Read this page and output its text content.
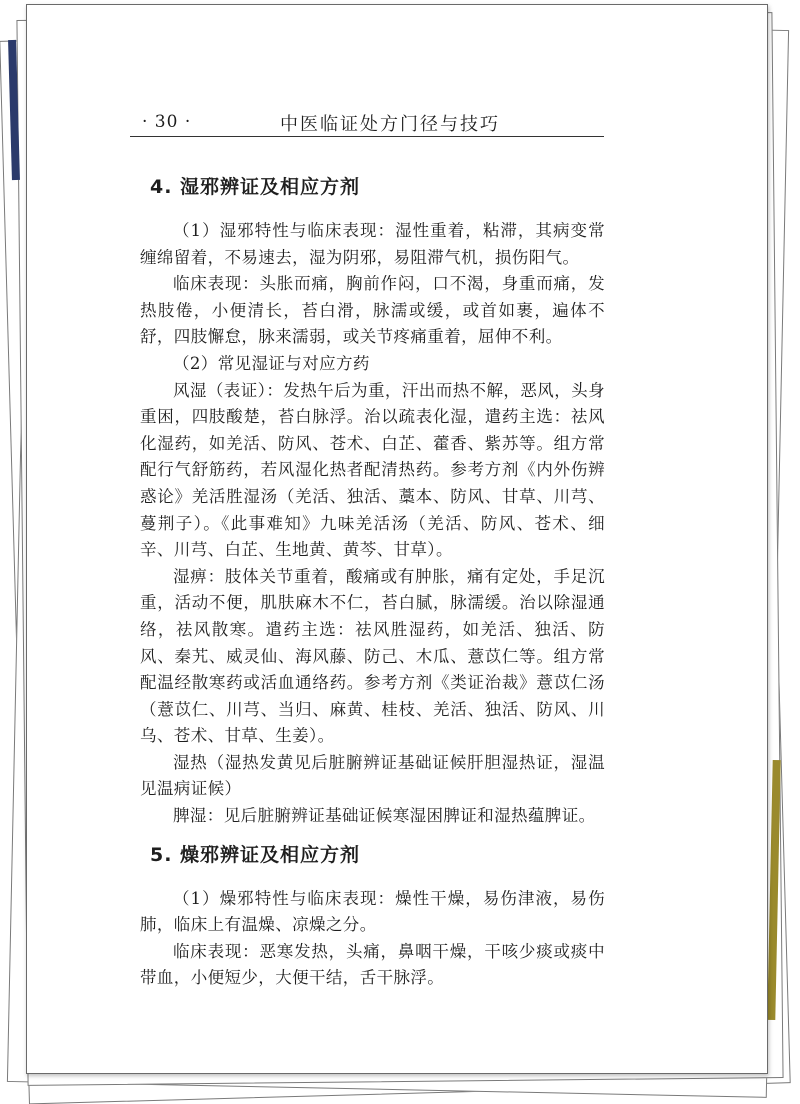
· 30 ·	中医临证处方门径与技巧
4. 湿邪辨证及相应方剂

（1）湿邪特性与临床表现：湿性重着，粘滞，其病变常缠绵留着，不易速去，湿为阴邪，易阻滞气机，损伤阳气。

临床表现：头胀而痛，胸前作闷，口不渴，身重而痛，发热肢倦，小便清长，苔白滑，脉濡或缓，或首如裹，遍体不舒，四肢懈怠，脉来濡弱，或关节疼痛重着，屈伸不利。

（2）常见湿证与对应方药

风湿（表证）：发热午后为重，汗出而热不解，恶风，头身重困，四肢酸楚，苔白脉浮。治以疏表化湿，遣药主选：祛风化湿药，如羌活、防风、苍术、白芷、藿香、紫苏等。组方常配行气舒筋药，若风湿化热者配清热药。参考方剂《内外伤辨惑论》羌活胜湿汤（羌活、独活、藁本、防风、甘草、川芎、蔓荆子）。《此事难知》九味羌活汤（羌活、防风、苍术、细辛、川芎、白芷、生地黄、黄芩、甘草）。

湿痹：肢体关节重着，酸痛或有肿胀，痛有定处，手足沉重，活动不便，肌肤麻木不仁，苔白腻，脉濡缓。治以除湿通络，祛风散寒。遣药主选：祛风胜湿药，如羌活、独活、防风、秦艽、威灵仙、海风藤、防己、木瓜、薏苡仁等。组方常配温经散寒药或活血通络药。参考方剂《类证治裁》薏苡仁汤（薏苡仁、川芎、当归、麻黄、桂枝、羌活、独活、防风、川乌、苍术、甘草、生姜）。

湿热（湿热发黄见后脏腑辨证基础证候肝胆湿热证，湿温见温病证候）

脾湿：见后脏腑辨证基础证候寒湿困脾证和湿热蕴脾证。

5. 燥邪辨证及相应方剂

（1）燥邪特性与临床表现：燥性干燥，易伤津液，易伤肺，临床上有温燥、凉燥之分。

临床表现：恶寒发热，头痛，鼻咽干燥，干咳少痰或痰中带血，小便短少，大便干结，舌干脉浮。
